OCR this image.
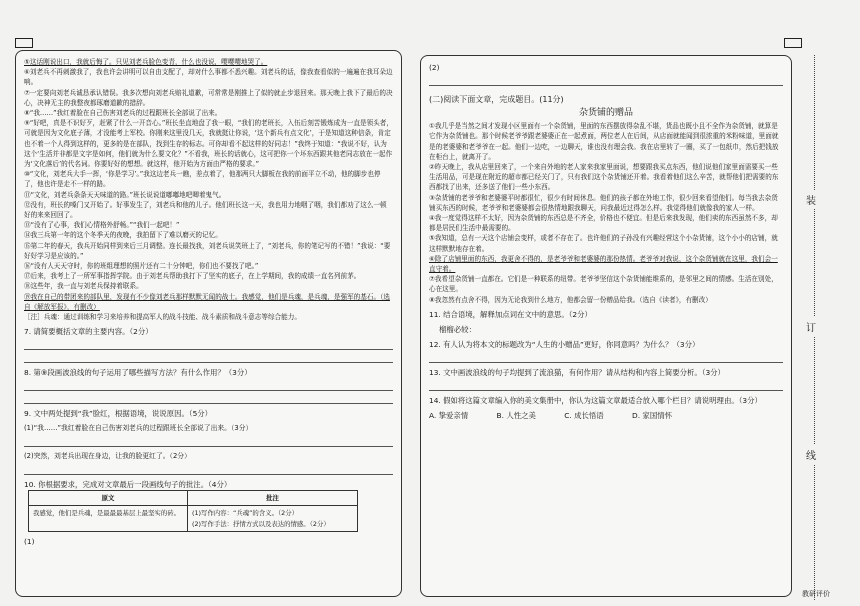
⑤这话刚说出口，我就后悔了。只见刘老兵脸色变青，什么也没说，嘤嘤嘤地哭了。

⑥刘老兵不再刺激我了，我也许会讲明可以自由支配了，却对什么事都不悉兴趣。刘老兵的话，像我查看似的一遍遍在我耳朵边响。

⑦一定要向刘老兵诚恳承认错误。我多次想向刘老兵赔礼道歉，可常常是刚推上了似的就止步退回来。那天晚上我下了最后的决心，决神无主的我整夜都琢磨道歉的措辞。

⑧“我……”我红着脸在自己伤害刘老兵的过程跟班长全部说了出来。

⑨“好吧，真是不识好歹，赶紧了什么一开音心。”班长坐直地盘了我一眼，“我们的老班长，入伍后刻苦锻炼成为一直是领头者，可就是因为文化底子薄，才没能考上军校。你刚来这里没几天，我就挺让你说，‘这个新兵有点文化’，于是知道这种信条，肯定也不着一个人得到这样的，更多的是在部队，找到生存的标志。可你却看不起这样的好同志！”我终于知道：“我说不好，认为这个‘生活并非都是文字是如何，他们就为什么要文化？”不看我，班长的话就心，这可把你一个坏东西跟其他老同志放在一起作为‘文化落后’的代名词。你要好好的想想。就这样，他开始为方面由严格的要求。”

⑩“文化，刘老兵大手一挥，‘你是学习’。”我这边老兵一瞧，差点着了，他那两只大脚板在我的前面平立不动，他的脚步也停了，他也许是走不一样的路。

⑪“文化，刘老兵条条天天味道的路。”班长说说道嘟嘟地吧唧着鬼气。

⑫没有，班长的嗓门又开始了。好事发生了，刘老兵和他的儿子。他们班长这一天，我也用力地咽了咽，我们都劝了这么一顿好的来来回回了。

⑬“没有了心事，我们心情格外舒畅。”“我们一起吧！”

⑭我三兵第一年的这个冬季天的夜晚，我拍留下了难以磨灭的记忆。

⑮第二年的春天，我兵开始同样到来后三月调整。连长最找我，刘老兵说笑班上了，“刘老兵，你的笔记写的不错！”我说：“要好好学习是应该的。”

⑯“没有人天天守时，你的班组理想的照片还有二十分钟吧，你们也不要找了吧。”

⑰后来，我考上了一所军事指挥学院。由于刘老兵帮助我打下了坚实的底子，在上学期间，我的成绩一直名列前茅。

⑱这些年，我一直与刘老兵保持着联系。

⑲我在自己的带团来的部队里，发现有不少像刘老兵那样默默无闻的战士。我感觉，他们是兵魂，是兵魂，是强军的基石。（选自《解放军报》，有删改）

［注］兵魂：通过训练和学习来培养和提高军人的战斗技能、战斗素质和战斗意志等综合能力。

7. 请简要概括文章的主要内容。（2分）
8. 第⑨段画波浪线的句子运用了哪些描写方法？有什么作用？（3分）
9. 文中两处提到“我”脸红，根据语境，说说原因。（5分）
(1)“我……”我红着脸在自己伤害刘老兵的过程跟班长全部说了出来。（3分）
(2)突然，刘老兵出现在身边，让我的脸更红了。（2分）
10. 你根据要求，完成对文章最后一段画线句子的批注。（4分）
原文	批注
我感觉，他们是兵魂，是最最最基层上最坚实的砖。	(1)写作内容：“兵魂”的含义。（2分）
(2)写作手法：抒情方式以及表达的情感。（2分）
(1)
(2)
(二)阅读下面文章，完成题目。(11分)
杂货铺的赠品

①我几乎是当然之间才发现小区里面有一个杂货铺，里面的东西摆放得杂乱不堪，货品也既小且不全作为杂货铺，就算是它作为杂货铺也。那个时候老爷爷跟老婆婆正在一起煮面，两位老人在后间，从店面就能闻到很浓重的米粉味道，里面就是的老婆婆和老爷爷在一起。他们一边吃，一边聊天，谁也没有理会我。我在店里转了一圈，买了一包纸巾，然后把钱放在柜台上，就离开了。

②昨天晚上，我从店里回来了，一个来自外地的老人家来我家里面说，想要跟我买点东西，他们说他们家里面需要买一些生活用品，可是现在附近的超市都已经关门了，只有我们这个杂货铺还开着。我看着他们这么辛苦，就帮他们把需要的东西都找了出来，还多送了他们一些小东西。

③杂货铺的老爷爷和老婆婆平时都很忙，很少有时间休息。他们的孩子都在外地工作，很少回来看望他们。每当我去杂货铺买东西的时候，老爷爷和老婆婆都会很热情地跟我聊天，问我最近过得怎么样。我觉得他们就像我的家人一样。

④我一度觉得这样不太好，因为杂货铺的东西总是不齐全，价格也不便宜。但是后来我发现，他们卖的东西虽然不多，却都是居民们生活中最需要的。

⑤我知道，总有一天这个店铺会变样，或者不存在了。也许他们的子孙没有兴趣经营这个小杂货铺，这个小小的店铺，就这样默默地存在着。

⑥除了店铺里面的东西，我更舍不得的，是老爷爷和老婆婆的那份热情。老爷爷对我说，这个杂货铺就在这里，我们会一直守着。

⑦我希望杂货铺一直都在。它们是一种联系的纽带。老爷爷坚信这个杂货铺能维系的，是邻里之间的情感。生活在别处，心在这里。

⑧我忽然有点舍不得，因为无论我到什么地方，他都会留一份赠品给我。（选自《读者》，有删改）

11. 结合语境，解释加点词在文中的意思。（2分）
榴榴必较：
12. 有人认为将本文的标题改为“人生的小赠品”更好，你同意吗？为什么？（3分）
13. 文中画波浪线的句子均提到了流浪猫，有何作用？请从结构和内容上简要分析。（3分）
14. 假如将这篇文章编入你的美文集册中，你认为这篇文章最适合放入哪个栏目？请说明理由。（3分）
A. 挚爱亲情	B. 人性之美	C. 成长悟语	D. 家国情怀
装
订
线
教研评价
